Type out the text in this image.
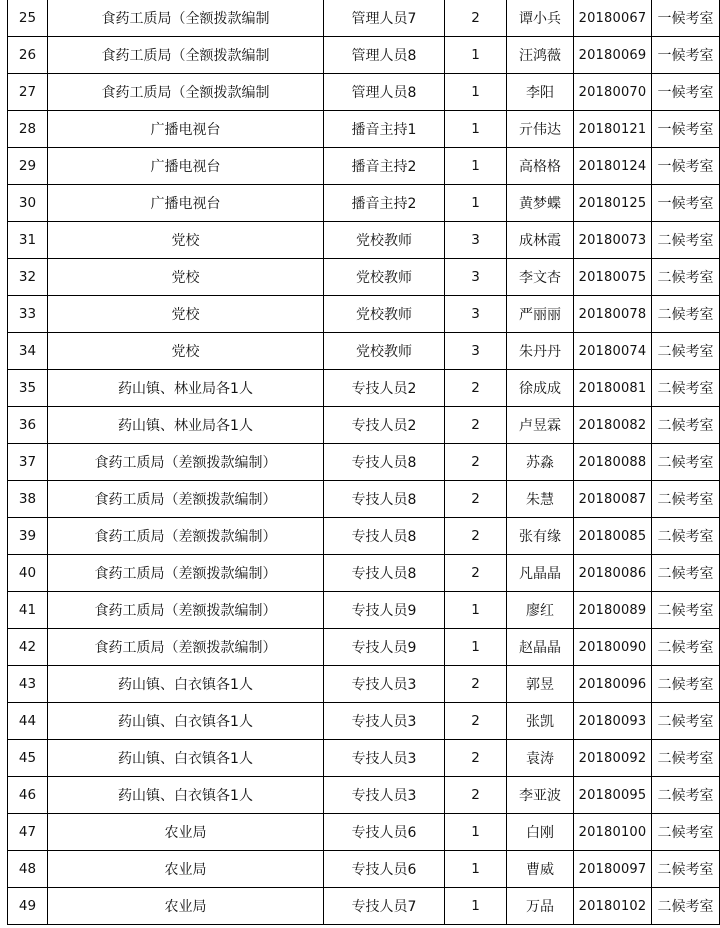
25	食药工质局（全额拨款编制	管理人员7	2	谭小兵	20180067	一候考室
26	食药工质局（全额拨款编制	管理人员8	1	汪鸿薇	20180069	一候考室
27	食药工质局（全额拨款编制	管理人员8	1	李阳	20180070	一候考室
28	广播电视台	播音主持1	1	亓伟达	20180121	一候考室
29	广播电视台	播音主持2	1	高格格	20180124	一候考室
30	广播电视台	播音主持2	1	黄梦蝶	20180125	一候考室
31	党校	党校教师	3	成林霞	20180073	二候考室
32	党校	党校教师	3	李文杏	20180075	二候考室
33	党校	党校教师	3	严丽丽	20180078	二候考室
34	党校	党校教师	3	朱丹丹	20180074	二候考室
35	药山镇、林业局各1人	专技人员2	2	徐成成	20180081	二候考室
36	药山镇、林业局各1人	专技人员2	2	卢昱霖	20180082	二候考室
37	食药工质局（差额拨款编制）	专技人员8	2	苏淼	20180088	二候考室
38	食药工质局（差额拨款编制）	专技人员8	2	朱慧	20180087	二候考室
39	食药工质局（差额拨款编制）	专技人员8	2	张有缘	20180085	二候考室
40	食药工质局（差额拨款编制）	专技人员8	2	凡晶晶	20180086	二候考室
41	食药工质局（差额拨款编制）	专技人员9	1	廖红	20180089	二候考室
42	食药工质局（差额拨款编制）	专技人员9	1	赵晶晶	20180090	二候考室
43	药山镇、白衣镇各1人	专技人员3	2	郭昱	20180096	二候考室
44	药山镇、白衣镇各1人	专技人员3	2	张凯	20180093	二候考室
45	药山镇、白衣镇各1人	专技人员3	2	袁涛	20180092	二候考室
46	药山镇、白衣镇各1人	专技人员3	2	李亚波	20180095	二候考室
47	农业局	专技人员6	1	白刚	20180100	二候考室
48	农业局	专技人员6	1	曹威	20180097	二候考室
49	农业局	专技人员7	1	万品	20180102	二候考室
